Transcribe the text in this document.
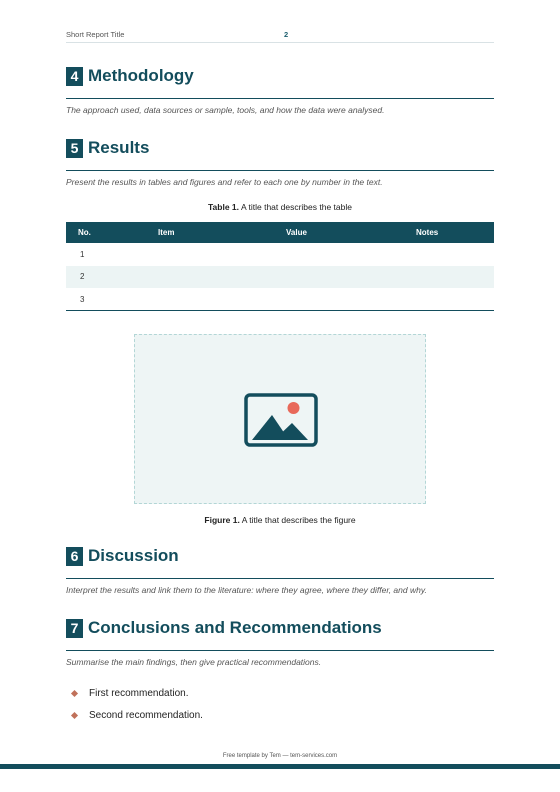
Short Report Title	2
4 Methodology
The approach used, data sources or sample, tools, and how the data were analysed.
5 Results
Present the results in tables and figures and refer to each one by number in the text.
Table 1. A title that describes the table
No.	Item	Value	Notes
1			
2			
3			
Figure 1. A title that describes the figure
6 Discussion
Interpret the results and link them to the literature: where they agree, where they differ, and why.
7 Conclusions and Recommendations
Summarise the main findings, then give practical recommendations.
First recommendation.
Second recommendation.
Free template by Tem — tem-services.com
